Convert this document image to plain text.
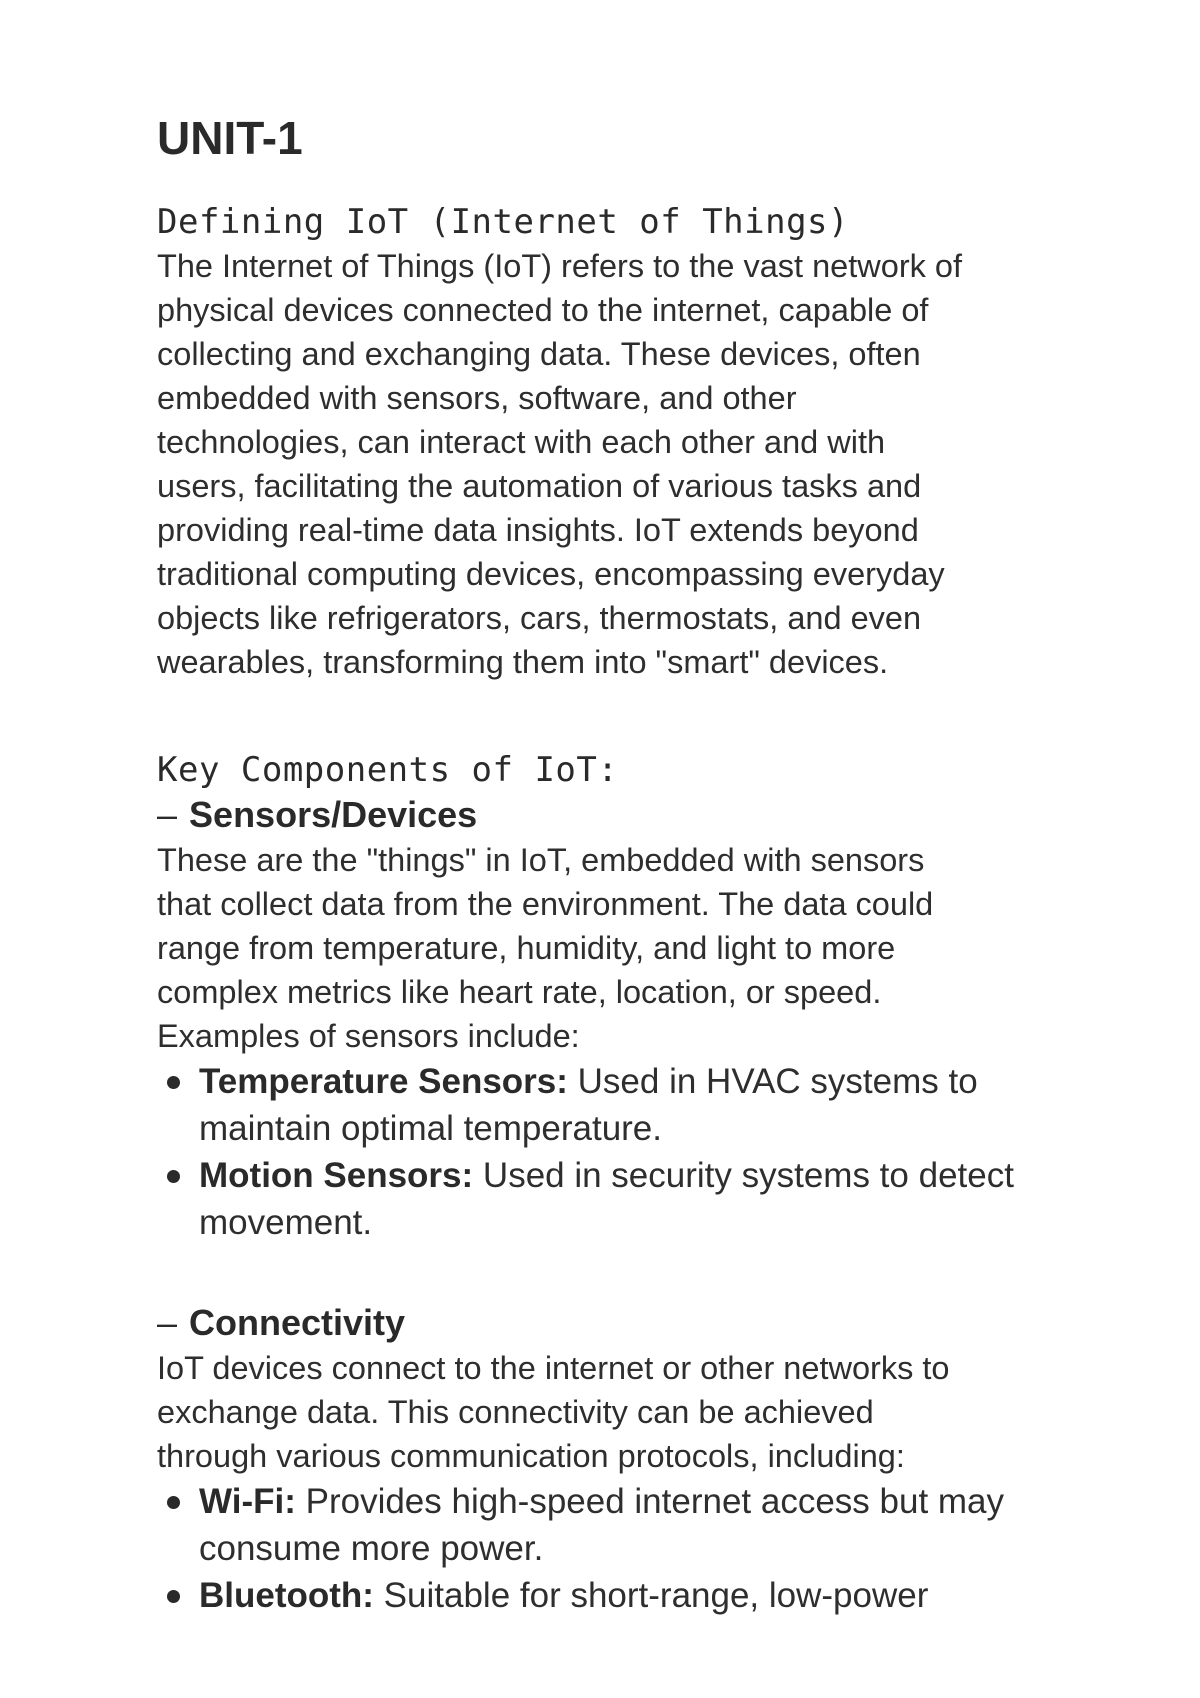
UNIT-1

Defining IoT (Internet of Things)

The Internet of Things (IoT) refers to the vast network of

physical devices connected to the internet, capable of

collecting and exchanging data. These devices, often

embedded with sensors, software, and other

technologies, can interact with each other and with

users, facilitating the automation of various tasks and

providing real-time data insights. IoT extends beyond

traditional computing devices, encompassing everyday

objects like refrigerators, cars, thermostats, and even

wearables, transforming them into "smart" devices.

Key Components of IoT:

– Sensors/Devices

These are the "things" in IoT, embedded with sensors

that collect data from the environment. The data could

range from temperature, humidity, and light to more

complex metrics like heart rate, location, or speed.

Examples of sensors include:

Temperature Sensors: Used in HVAC systems to maintain optimal temperature.
Motion Sensors: Used in security systems to detect movement.

– Connectivity

IoT devices connect to the internet or other networks to

exchange data. This connectivity can be achieved

through various communication protocols, including:

Wi-Fi: Provides high-speed internet access but may consume more power.
Bluetooth: Suitable for short-range, low-power
